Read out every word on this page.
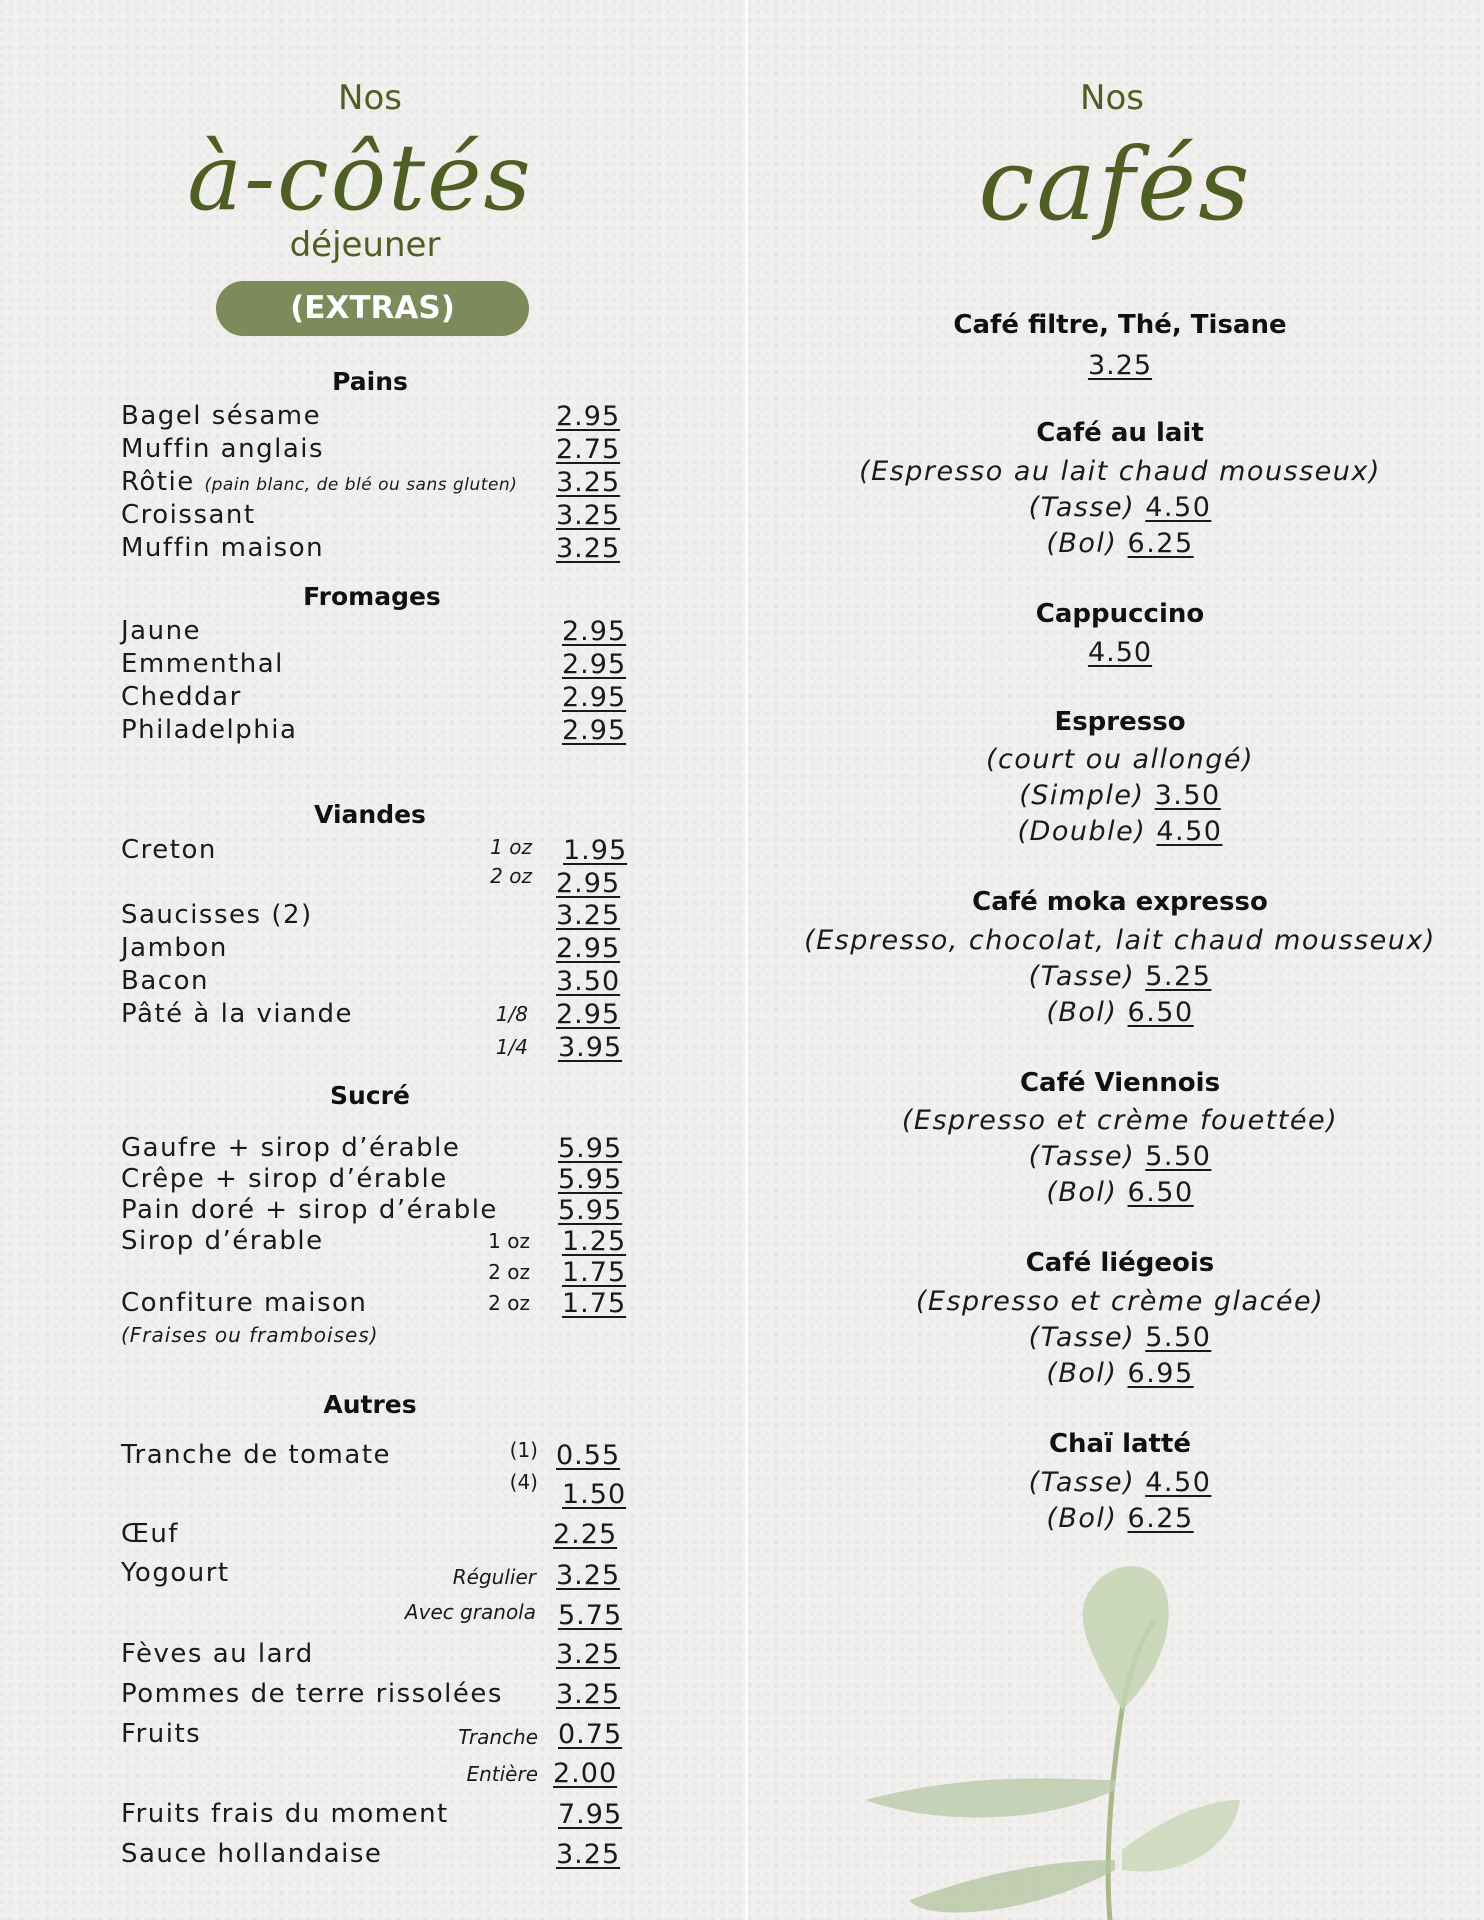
Nos
à-côtés
déjeuner
(EXTRAS)
Pains
Bagel sésame	2.95
Muffin anglais	2.75
Rôtie (pain blanc, de blé ou sans gluten) 3.25
Croissant	3.25
Muffin maison	3.25
Fromages
Jaune	2.95
Emmenthal	2.95
Cheddar	2.95
Philadelphia	2.95
Viandes
Creton	1 oz 1.95
2 oz 2.95
Saucisses (2)	3.25
Jambon	2.95
Bacon	3.50
Pâté à la viande	1/8 2.95
1/4 3.95
Sucré
Gaufre + sirop d’érable	5.95
Crêpe + sirop d’érable	5.95
Pain doré + sirop d’érable 5.95
Sirop d’érable	1 oz 1.25
2 oz 1.75
Confiture maison	2 oz 1.75
(Fraises ou framboises)
Autres
Tranche de tomate	(1) 0.55
(4) 1.50
Œuf	2.25
Yogourt	Régulier 3.25
Avec granola 5.75
Fèves au lard	3.25
Pommes de terre rissolées 3.25
Fruits	Tranche 0.75
Entière 2.00
Fruits frais du moment	7.95
Sauce hollandaise	3.25
Nos
cafés
Café filtre, Thé, Tisane
3.25
Café au lait
(Espresso au lait chaud mousseux)
(Tasse) 4.50
(Bol) 6.25
Cappuccino
4.50
Espresso
(court ou allongé)
(Simple) 3.50
(Double) 4.50
Café moka expresso
(Espresso, chocolat, lait chaud mousseux)
(Tasse) 5.25
(Bol) 6.50
Café Viennois
(Espresso et crème fouettée)
(Tasse) 5.50
(Bol) 6.50
Café liégeois
(Espresso et crème glacée)
(Tasse) 5.50
(Bol) 6.95
Chaï latté
(Tasse) 4.50
(Bol) 6.25
